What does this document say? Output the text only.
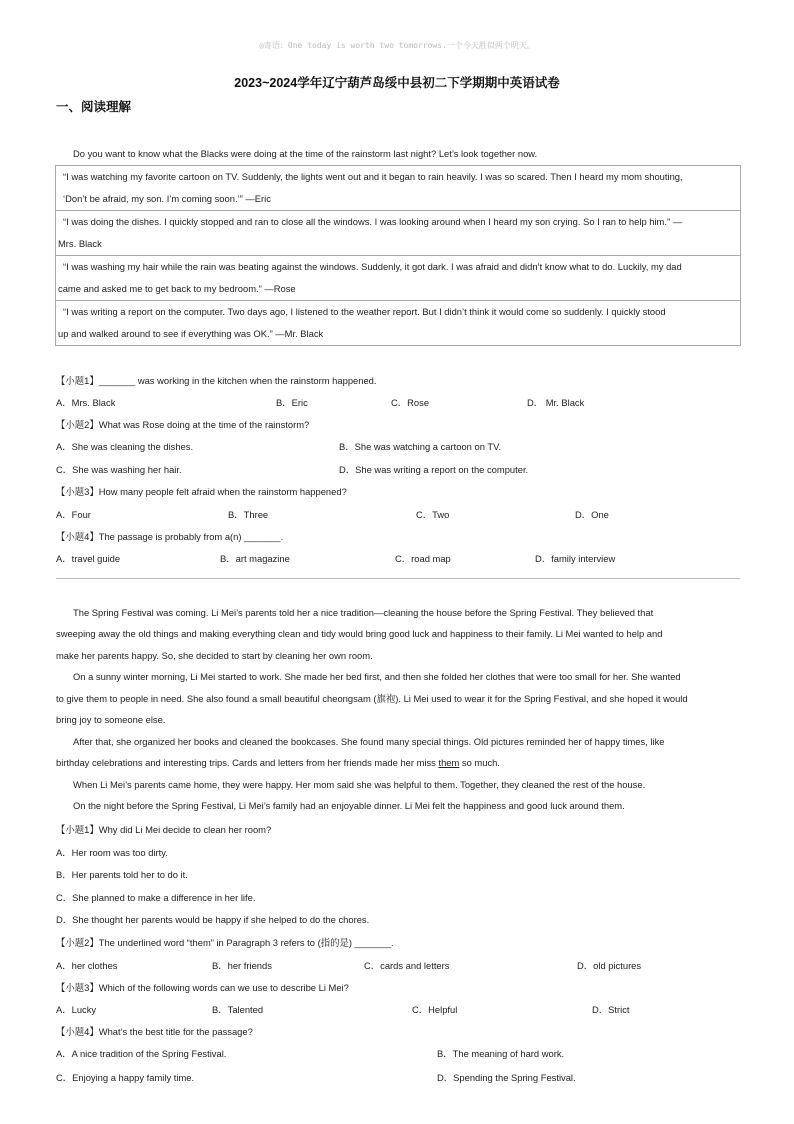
◎寄语：One today is worth two tomorrows.一个今天胜似两个明天。
2023~2024学年辽宁葫芦岛绥中县初二下学期期中英语试卷
一、阅读理解
Do you want to know what the Blacks were doing at the time of the rainstorm last night? Let’s look together now.
“I was watching my favorite cartoon on TV. Suddenly, the lights went out and it began to rain heavily. I was so scared. Then I heard my mom shouting,
‘Don’t be afraid, my son. I’m coming soon.’” —Eric

“I was doing the dishes. I quickly stopped and ran to close all the windows. I was looking around when I heard my son crying. So I ran to help him.” —
Mrs. Black

“I was washing my hair while the rain was beating against the windows. Suddenly, it got dark. I was afraid and didn’t know what to do. Luckily, my dad
came and asked me to get back to my bedroom.” —Rose

“I was writing a report on the computer. Two days ago, I listened to the weather report. But I didn’t think it would come so suddenly. I quickly stood
up and walked around to see if everything was OK.” —Mr. Black
【小题1】_______ was working in the kitchen when the rainstorm happened.
A．Mrs. Black	B．Eric	C．Rose	D． Mr. Black
【小题2】What was Rose doing at the time of the rainstorm?
A．She was cleaning the dishes.	B．She was watching a cartoon on TV.
C．She was washing her hair.	D．She was writing a report on the computer.
【小题3】How many people felt afraid when the rainstorm happened?
A．Four	B．Three	C．Two	D．One
【小题4】The passage is probably from a(n) _______.
A．travel guide	B．art magazine	C．road map	D．family interview
The Spring Festival was coming. Li Mei’s parents told her a nice tradition—cleaning the house before the Spring Festival. They believed that
sweeping away the old things and making everything clean and tidy would bring good luck and happiness to their family. Li Mei wanted to help and
make her parents happy. So, she decided to start by cleaning her own room.
On a sunny winter morning, Li Mei started to work. She made her bed first, and then she folded her clothes that were too small for her. She wanted
to give them to people in need. She also found a small beautiful cheongsam (旗袍). Li Mei used to wear it for the Spring Festival, and she hoped it would
bring joy to someone else.
After that, she organized her books and cleaned the bookcases. She found many special things. Old pictures reminded her of happy times, like
birthday celebrations and interesting trips. Cards and letters from her friends made her miss them so much.
When Li Mei’s parents came home, they were happy. Her mom said she was helpful to them. Together, they cleaned the rest of the house.
On the night before the Spring Festival, Li Mei’s family had an enjoyable dinner. Li Mei felt the happiness and good luck around them.
【小题1】Why did Li Mei decide to clean her room?
A．Her room was too dirty.
B．Her parents told her to do it.
C．She planned to make a difference in her life.
D．She thought her parents would be happy if she helped to do the chores.
【小题2】The underlined word “them” in Paragraph 3 refers to (指的是) _______.
A．her clothes	B．her friends	C．cards and letters	D．old pictures
【小题3】Which of the following words can we use to describe Li Mei?
A．Lucky	B．Talented	C．Helpful	D．Strict
【小题4】What’s the best title for the passage?
A．A nice tradition of the Spring Festival.	B．The meaning of hard work.
C．Enjoying a happy family time.	D．Spending the Spring Festival.
